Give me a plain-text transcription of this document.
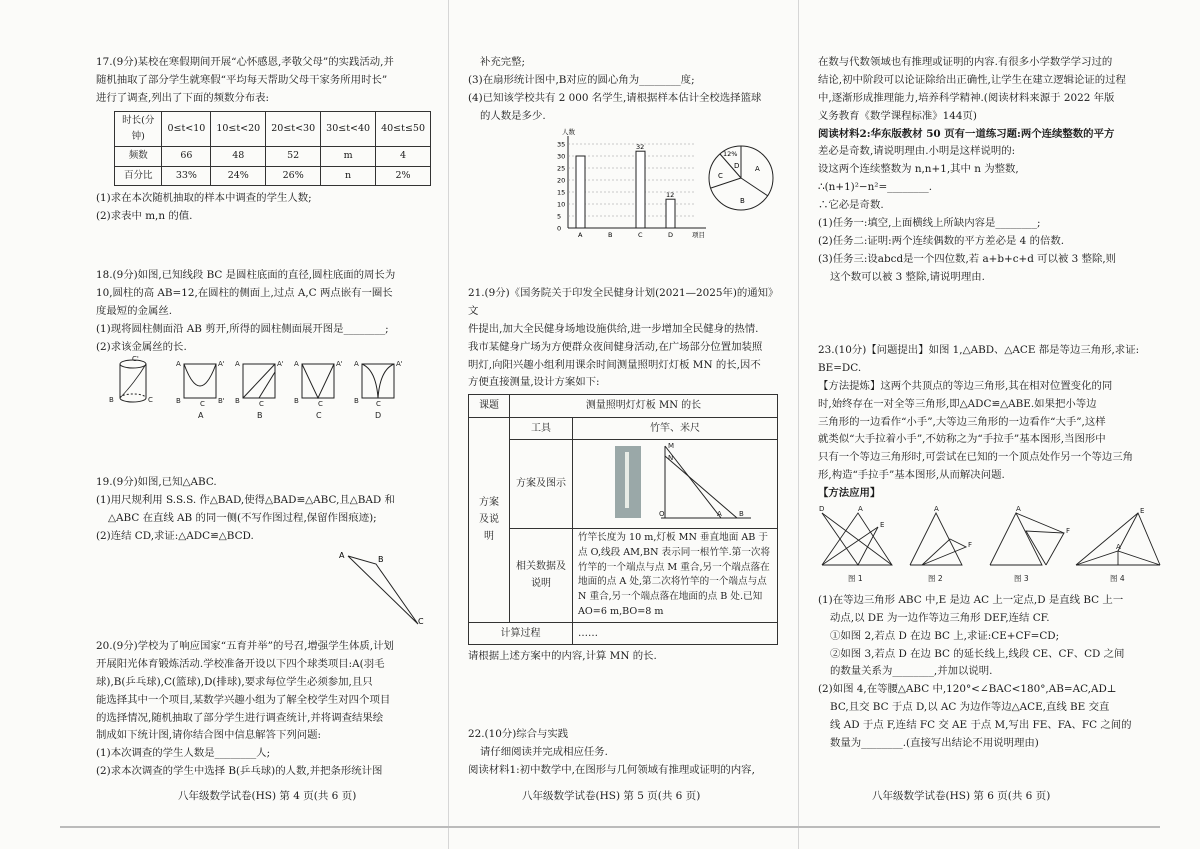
17.(9分)某校在寒假期间开展“心怀感恩,孝敬父母”的实践活动,并

随机抽取了部分学生就寒假“平均每天帮助父母干家务所用时长”

进行了调查,列出了下面的频数分布表:

时长(分钟)	0≤t<10	10≤t<20	20≤t<30	30≤t<40	40≤t≤50
频数	66	48	52	m	4
百分比	33%	24%	26%	n	2%

(1)求在本次随机抽取的样本中调查的学生人数;

(2)求表中 m,n 的值.

18.(9分)如图,已知线段 BC 是圆柱底面的直径,圆柱底面的周长为

10,圆柱的高 AB=12,在圆柱的侧面上,过点 A,C 两点嵌有一圈长

度最短的金属丝.

(1)现将圆柱侧面沿 AB 剪开,所得的圆柱侧面展开图是________;

(2)求该金属丝的长.

C'
B	C
A	A'
B	C B'
A	A'
B	C
A	A'
B	C
A	A'
B C
A	B	C	D

19.(9分)如图,已知△ABC.

(1)用尺规利用 S.S.S. 作△BAD,使得△BAD≌△ABC,且△BAD 和

△ABC 在直线 AB 的同一侧(不写作图过程,保留作图痕迹);

(2)连结 CD,求证:△ADC≌△BCD.

A	B
C

20.(9分)学校为了响应国家“五育并举”的号召,增强学生体质,计划

开展阳光体育锻炼活动.学校准备开设以下四个球类项目:A(羽毛

球),B(乒乓球),C(篮球),D(排球),要求每位学生必须参加,且只

能选择其中一个项目,某数学兴趣小组为了解全校学生对四个项目

的选择情况,随机抽取了部分学生进行调查统计,并将调查结果绘

制成如下统计图,请你结合图中信息解答下列问题:

(1)本次调查的学生人数是________人;

(2)求本次调查的学生中选择 B(乒乓球)的人数,并把条形统计图

八年级数学试卷(HS) 第 4 页(共 6 页)

补充完整;

(3)在扇形统计图中,B对应的圆心角为________度;

(4)已知该学校共有 2 000 名学生,请根据样本估计全校选择篮球

的人数是多少.

人数
项目
0
5
10
15
20
25
30
35
A	B
32
C
12
D
12%
A
B
C
D

21.(9分)《国务院关于印发全民健身计划(2021—2025年)的通知》文

件提出,加大全民健身场地设施供给,进一步增加全民健身的热情.

我市某健身广场为方便群众夜间健身活动,在广场部分位置加装照

明灯,向阳兴趣小组利用课余时间测量照明灯灯板 MN 的长,因不

方便直接测量,设计方案如下:

课题	测量照明灯灯板 MN 的长	
方案及说明	工具	竹竿、米尺
	方案及图示	M
N
O A B

	相关数据及说明	竹竿长度为 10 m,灯板 MN 垂直地面 AB 于点 O,线段 AM,BN 表示同一根竹竿.第一次将竹竿的一个端点与点 M 重合,另一个端点落在地面的点 A 处,第二次将竹竿的一个端点与点 N 重合,另一个端点落在地面的点 B 处.已知 AO=6 m,BO=8 m
计算过程		……

请根据上述方案中的内容,计算 MN 的长.

22.(10分)综合与实践

请仔细阅读并完成相应任务.

阅读材料1:初中数学中,在图形与几何领域有推理或证明的内容,

八年级数学试卷(HS) 第 5 页(共 6 页)

在数与代数领域也有推理或证明的内容.有很多小学数学学习过的

结论,初中阶段可以论证除给出正确性,让学生在建立逻辑论证的过程

中,逐渐形成推理能力,培养科学精神.(阅读材料来源于 2022 年版

义务教育《数学课程标准》144页)

阅读材料2:华东版教材 50 页有一道练习题:两个连续整数的平方

差必是奇数,请说明理由.小明是这样说明的:

设这两个连续整数为 n,n+1,其中 n 为整数,

∴(n+1)²−n²=________.

∴它必是奇数.

(1)任务一:填空,上面横线上所缺内容是________;

(2)任务二:证明:两个连续偶数的平方差必是 4 的倍数.

(3)任务三:设abcd是一个四位数,若 a+b+c+d 可以被 3 整除,则

这个数可以被 3 整除,请说明理由.

23.(10分)【问题提出】如图 1,△ABD、△ACE 都是等边三角形,求证:

BE=DC.

【方法提炼】这两个共顶点的等边三角形,其在相对位置变化的同

时,始终存在一对全等三角形,即△ADC≌△ABE.如果把小等边

三角形的一边看作“小手”,大等边三角形的一边看作“大手”,这样

就类似“大手拉着小手”,不妨称之为“手拉手”基本图形,当图形中

只有一个等边三角形时,可尝试在已知的一个顶点处作另一个等边三角

形,构造“手拉手”基本图形,从而解决问题.

【方法应用】

D	A
E
A
F
A
F
E
A
图 1	图 2	图 3	图 4

(1)在等边三角形 ABC 中,E 是边 AC 上一定点,D 是直线 BC 上一

动点,以 DE 为一边作等边三角形 DEF,连结 CF.

①如图 2,若点 D 在边 BC 上,求证:CE+CF=CD;

②如图 3,若点 D 在边 BC 的延长线上,线段 CE、CF、CD 之间

的数量关系为________,并加以说明.

(2)如图 4,在等腰△ABC 中,120°<∠BAC<180°,AB=AC,AD⊥

BC,且交 BC 于点 D,以 AC 为边作等边△ACE,直线 BE 交直

线 AD 于点 F,连结 FC 交 AE 于点 M,写出 FE、FA、FC 之间的

数量为________.(直接写出结论不用说明理由)

八年级数学试卷(HS) 第 6 页(共 6 页)
